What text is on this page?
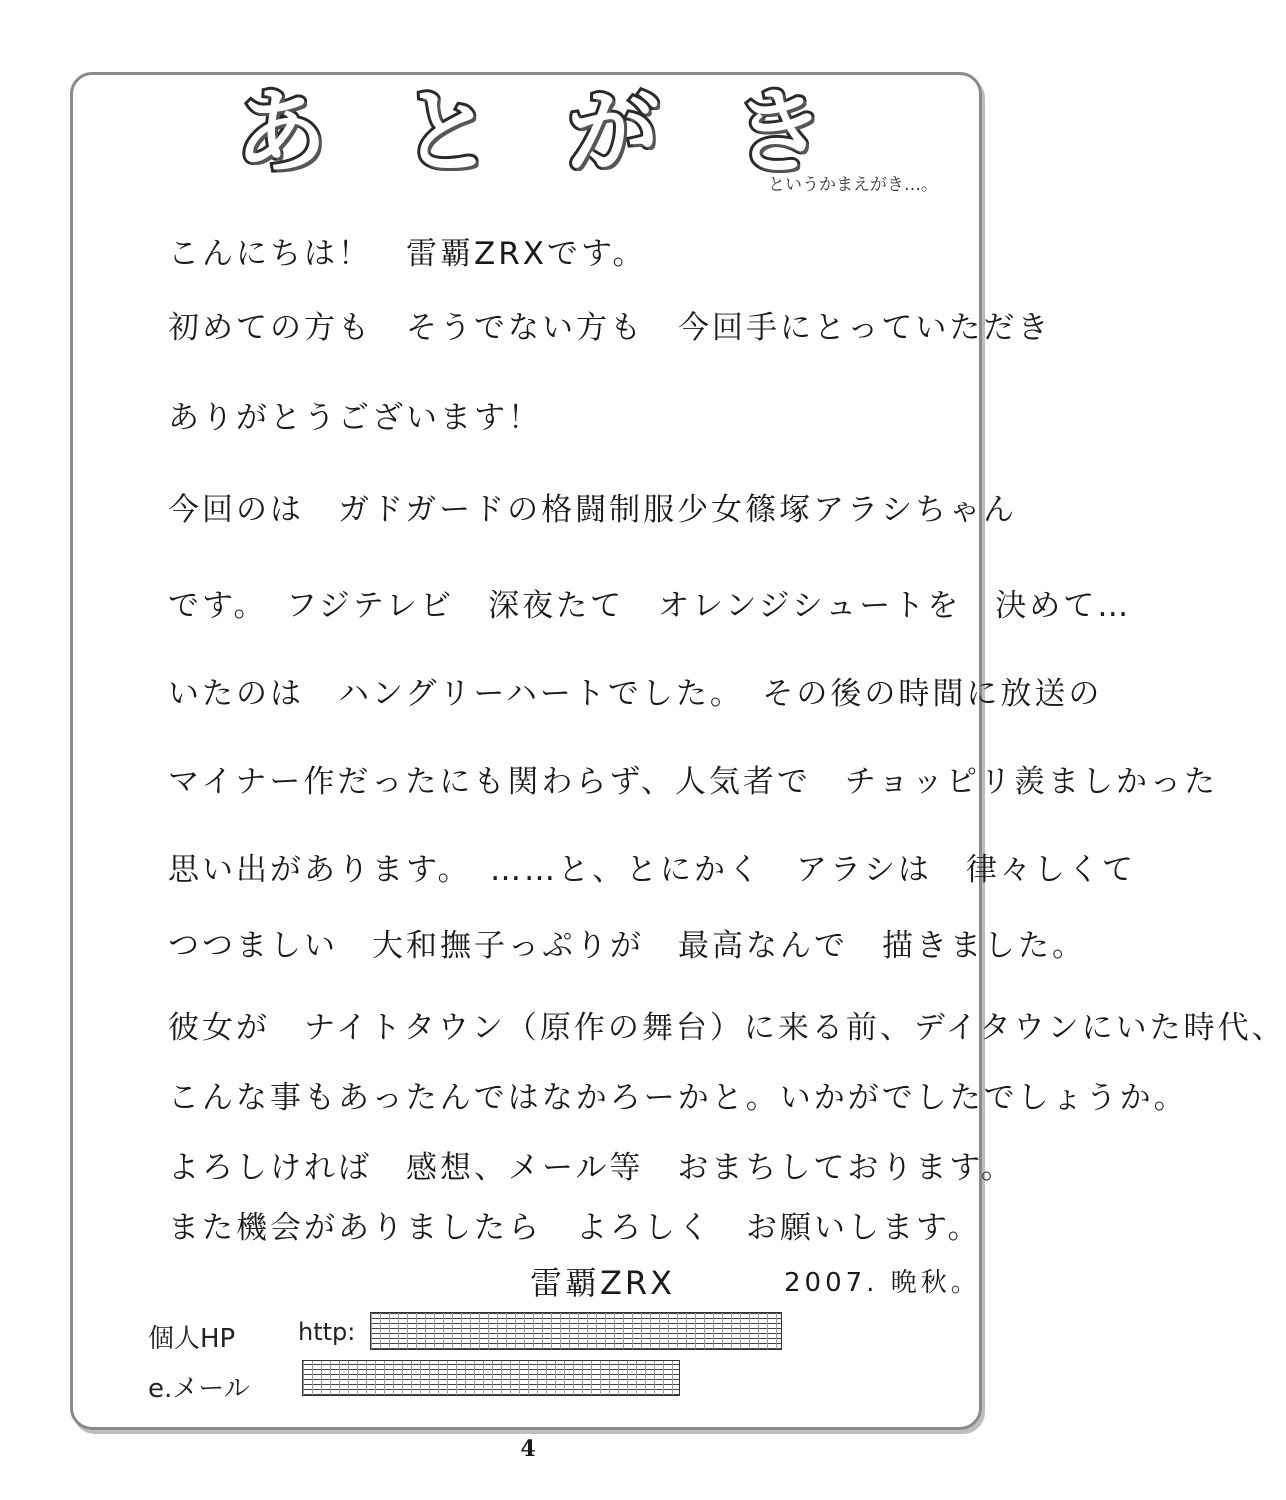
あ と が き
というかまえがき…。
こんにちは！　雷覇ZRXです。
初めての方も　そうでない方も　今回手にとっていただき
ありがとうございます！
今回のは　ガドガードの格闘制服少女篠塚アラシちゃん
です。　フジテレビ　深夜たて　オレンジシュートを　決めて…
いたのは　ハングリーハートでした。　その後の時間に放送の
マイナー作だったにも関わらず、人気者で　チョッピリ羨ましかった
思い出があります。　……と、とにかく　アラシは　律々しくて
つつましい　大和撫子っぷりが　最高なんで　描きました。
彼女が　ナイトタウン（原作の舞台）に来る前、デイタウンにいた時代、
こんな事もあったんではなかろーかと。いかがでしたでしょうか。
よろしければ　感想、メール等　おまちしております。
また機会がありましたら　よろしく　お願いします。
雷覇ZRX	2007. 晩秋。
個人HP	http:
e.メール
4
